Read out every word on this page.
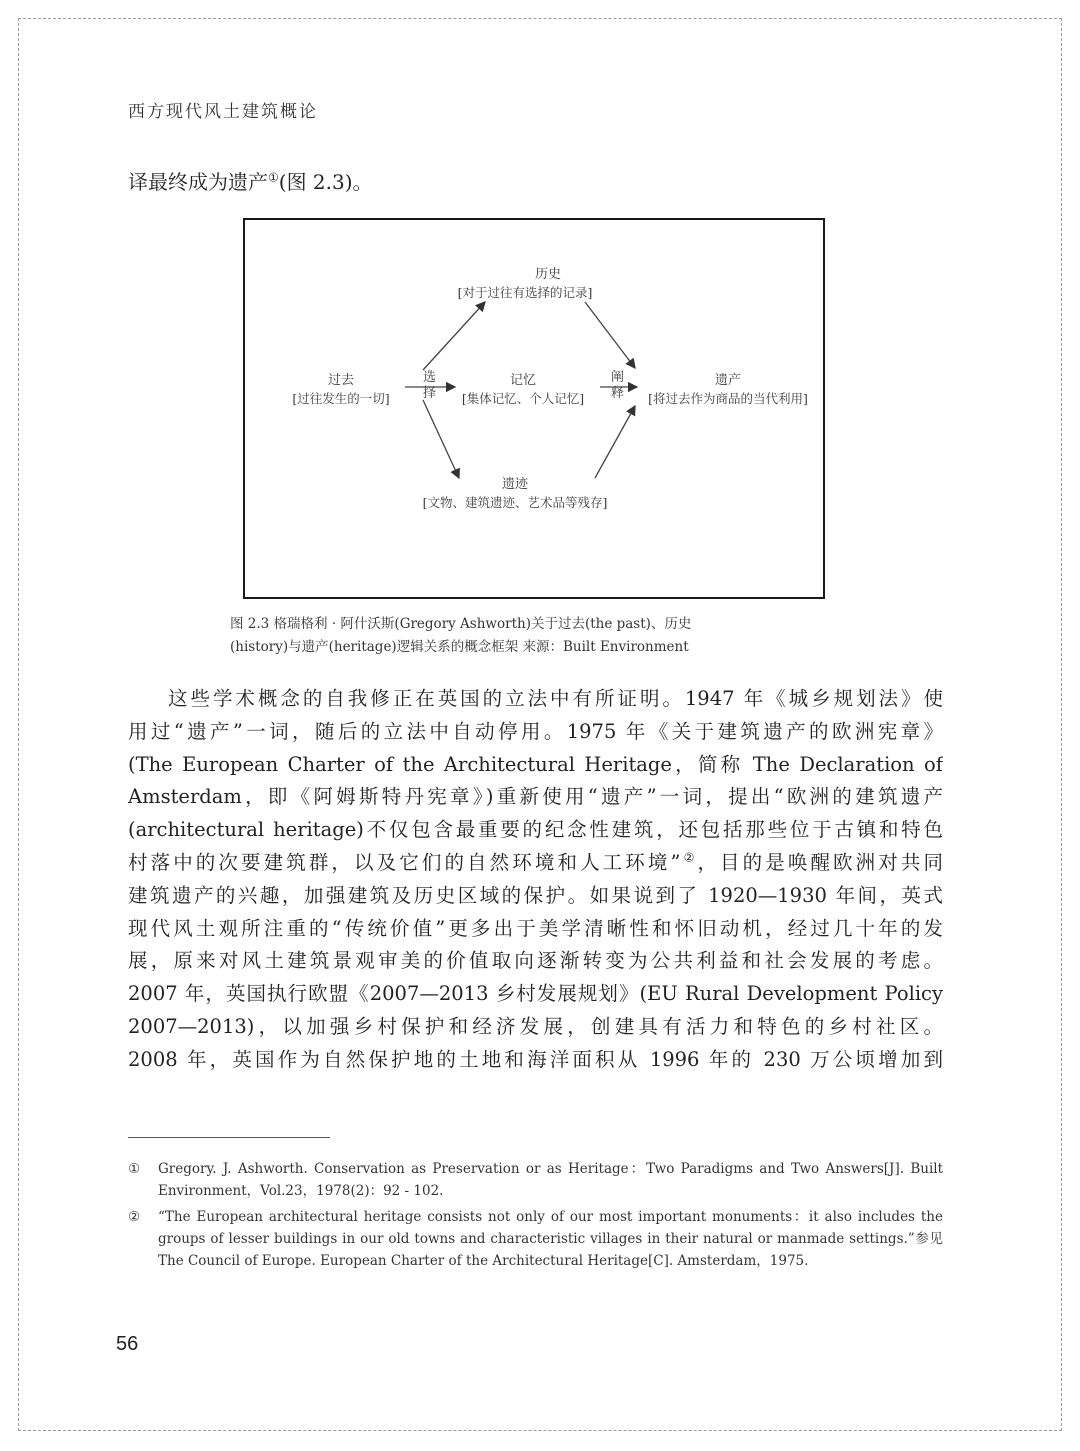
西方现代风土建筑概论
译最终成为遗产①(图 2.3)。
历史
[对于过往有选择的记录]
过去
[过往发生的一切]
记忆
[集体记忆、个人记忆]
遗产
[将过去作为商品的当代利用]
遗迹
[文物、建筑遗迹、艺术品等残存]
选
择
阐
释
图 2.3 格瑞格利 · 阿什沃斯(Gregory Ashworth)关于过去(the past)、历史
(history)与遗产(heritage)逻辑关系的概念框架 来源：Built Environment
这些学术概念的自我修正在英国的立法中有所证明。1947 年《城乡规划法》使
用过“遗产”一词，随后的立法中自动停用。1975 年《关于建筑遗产的欧洲宪章》
(The European Charter of the Architectural Heritage，简称 The Declaration of
Amsterdam，即《阿姆斯特丹宪章》)重新使用“遗产”一词，提出“欧洲的建筑遗产
(architectural heritage)不仅包含最重要的纪念性建筑，还包括那些位于古镇和特色
村落中的次要建筑群，以及它们的自然环境和人工环境”②，目的是唤醒欧洲对共同
建筑遗产的兴趣，加强建筑及历史区域的保护。如果说到了 1920—1930 年间，英式
现代风土观所注重的“传统价值”更多出于美学清晰性和怀旧动机，经过几十年的发
展，原来对风土建筑景观审美的价值取向逐渐转变为公共利益和社会发展的考虑。
2007 年，英国执行欧盟《2007—2013 乡村发展规划》(EU Rural Development Policy
2007—2013)，以加强乡村保护和经济发展，创建具有活力和特色的乡村社区。
2008 年，英国作为自然保护地的土地和海洋面积从 1996 年的 230 万公顷增加到
① Gregory. J. Ashworth. Conservation as Preservation or as Heritage：Two Paradigms and Two Answers[J]. Built Environment，Vol.23，1978(2)：92 - 102.
② “The European architectural heritage consists not only of our most important monuments：it also includes the groups of lesser buildings in our old towns and characteristic villages in their natural or manmade settings.”参见 The Council of Europe. European Charter of the Architectural Heritage[C]. Amsterdam，1975.
56
